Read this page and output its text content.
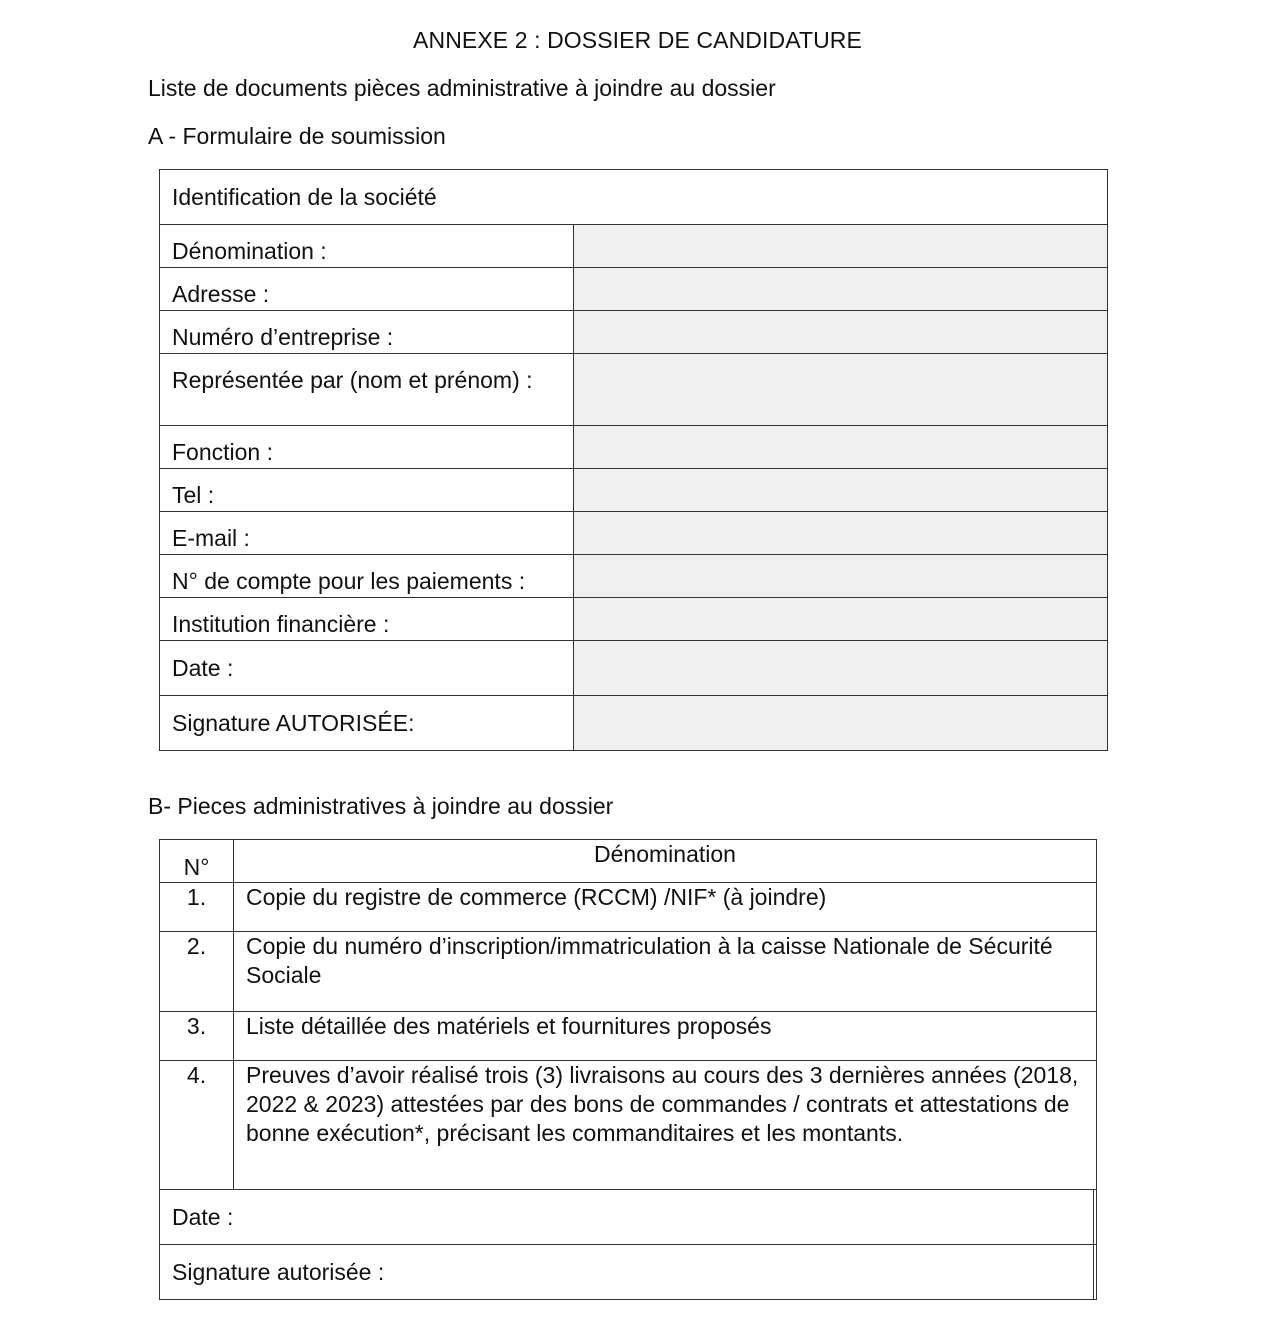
ANNEXE 2 : DOSSIER DE CANDIDATURE
Liste de documents pièces administrative à joindre au dossier
A - Formulaire de soumission
Identification de la société	
Dénomination :	
Adresse :	
Numéro d’entreprise :	
Représentée par (nom et prénom) :	
Fonction :	
Tel :	
E-mail :	
N° de compte pour les paiements :	
Institution financière :	
Date :	
Signature AUTORISÉE:	
B- Pieces administratives à joindre au dossier
N°	Dénomination	
1.	Copie du registre de commerce (RCCM) /NIF* (à joindre)	
2.	Copie du numéro d’inscription/immatriculation à la caisse Nationale de Sécurité Sociale	
3.	Liste détaillée des matériels et fournitures proposés	
4.	Preuves d’avoir réalisé trois (3) livraisons au cours des 3 dernières années (2018, 2022 & 2023) attestées par des bons de commandes / contrats et attestations de bonne exécution*, précisant les commanditaires et les montants.	
Date :		
Signature autorisée :		
